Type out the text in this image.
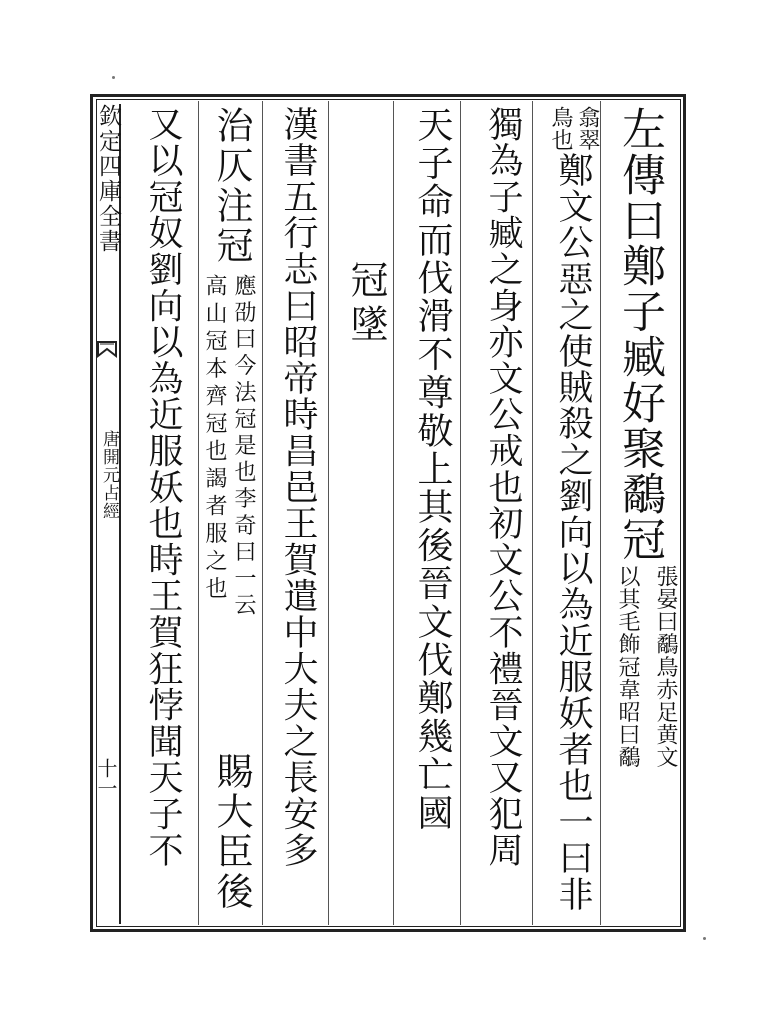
欽定四庫全書
唐開元占經
十一
左傳曰鄭子臧好聚鷸冠
張晏曰鷸鳥赤足黄文
以其毛飾冠韋昭曰鷸
翕翠
鳥也
鄭文公惡之使賊殺之劉向以為近服妖者也一曰非
獨為子臧之身亦文公戒也初文公不禮晉文又犯周
天子命而伐滑不尊敬上其後晉文伐鄭幾亡國
冠墜
漢書五行志曰昭帝時昌邑王賀遣中大夫之長安多
治仄注冠
應劭曰今法冠是也李奇曰一云
高山冠本齊冠也謁者服之也
賜大臣後
又以冠奴劉向以為近服妖也時王賀狂悖聞天子不
